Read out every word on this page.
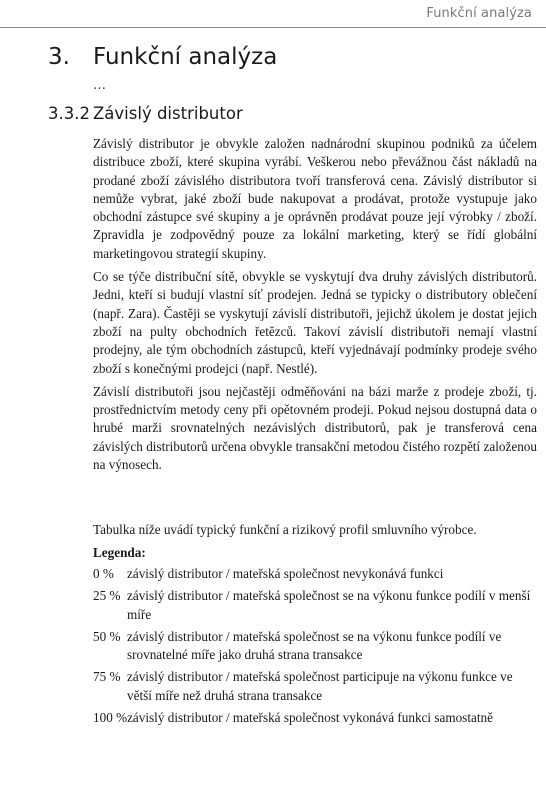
Funkční analýza
3. Funkční analýza
…
3.3.2 Závislý distributor

Závislý distributor je obvykle založen nadnárodní skupinou podniků za účelem distribuce zboží, které skupina vyrábí. Veškerou nebo převážnou část nákladů na prodané zboží závislého distributora tvoří transferová cena. Závislý distributor si nemůže vybrat, jaké zboží bude nakupovat a prodávat, protože vystupuje jako obchodní zástupce své skupiny a je oprávněn prodávat pouze její výrobky / zboží. Zpravidla je zodpovědný pouze za lokální marketing, který se řídí globální marketingovou strategií skupiny.

Co se týče distribuční sítě, obvykle se vyskytují dva druhy závislých distributorů. Jedni, kteří si budují vlastní síť prodejen. Jedná se typicky o distributory oblečení (např. Zara). Častěji se vyskytují závislí distributoři, jejichž úkolem je dostat jejich zboží na pulty obchodních řetězců. Takoví závislí distributoři nemají vlastní prodejny, ale tým obchodních zástupců, kteří vyjednávají podmínky prodeje svého zboží s konečnými prodejci (např. Nestlé).

Závislí distributoři jsou nejčastěji odměňováni na bázi marže z prodeje zboží, tj. prostřednictvím metody ceny při opětovném prodeji. Pokud nejsou dostupná data o hrubé marži srovnatelných nezávislých distributorů, pak je transferová cena závislých distributorů určena obvykle transakční metodou čistého rozpětí založenou na výnosech.

Tabulka níže uvádí typický funkční a rizikový profil smluvního výrobce.
Legenda:
0 % závislý distributor / mateřská společnost nevykonává funkci
25 % závislý distributor / mateřská společnost se na výkonu funkce podílí v menší míře
50 % závislý distributor / mateřská společnost se na výkonu funkce podílí ve srovnatelné míře jako druhá strana transakce
75 % závislý distributor / mateřská společnost participuje na výkonu funkce ve větší míře než druhá strana transakce
100 % závislý distributor / mateřská společnost vykonává funkci samostatně
